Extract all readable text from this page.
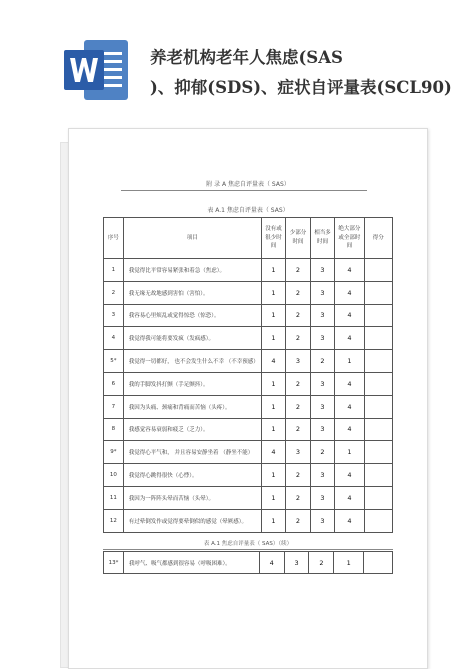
养老机构老年人焦虑(SAS
)、抑郁(SDS)、症状自评量表(SCL90)
附 录 A 焦虑自评量表（ SAS）
表 A.1 焦虑自评量表（ SAS）
序号	项目	没有或很少时间	少部分时间	相当多时间	绝大部分或全部时间	得分
1	我觉得比平常容易紧张和着急（焦虑）。	1	2	3	4	
2	我无缘无故地感到害怕（害怕）。	1	2	3	4	
3	我容易心里烦乱或觉得惊恐（惊恐）。	1	2	3	4	
4	我觉得我可能将要发疯（发疯感）。	1	2	3	4	
5*	我觉得一切都好， 也不会发生什么不幸 （不幸预感）	4	3	2	1	
6	我的手脚发抖打颤（手足颤抖）。	1	2	3	4	
7	我因为头痛、颈痛和背痛而苦恼（头疼）。	1	2	3	4	
8	我感觉容易衰弱和疲乏（乏力）。	1	2	3	4	
9*	我觉得心平气和， 并且容易安静坐着 （静坐不能）	4	3	2	1	
10	我觉得心跳得很快（心悸）。	1	2	3	4	
11	我因为一阵阵头晕而苦恼（头晕）。	1	2	3	4	
12	有过晕倒发作或觉得要晕倒似的感觉（晕厥感）。	1	2	3	4	
表 A.1 焦虑自评量表（ SAS）（续）
13*	我呼气、吸气都感到很容易（呼吸困难）。	4	3	2	1	
